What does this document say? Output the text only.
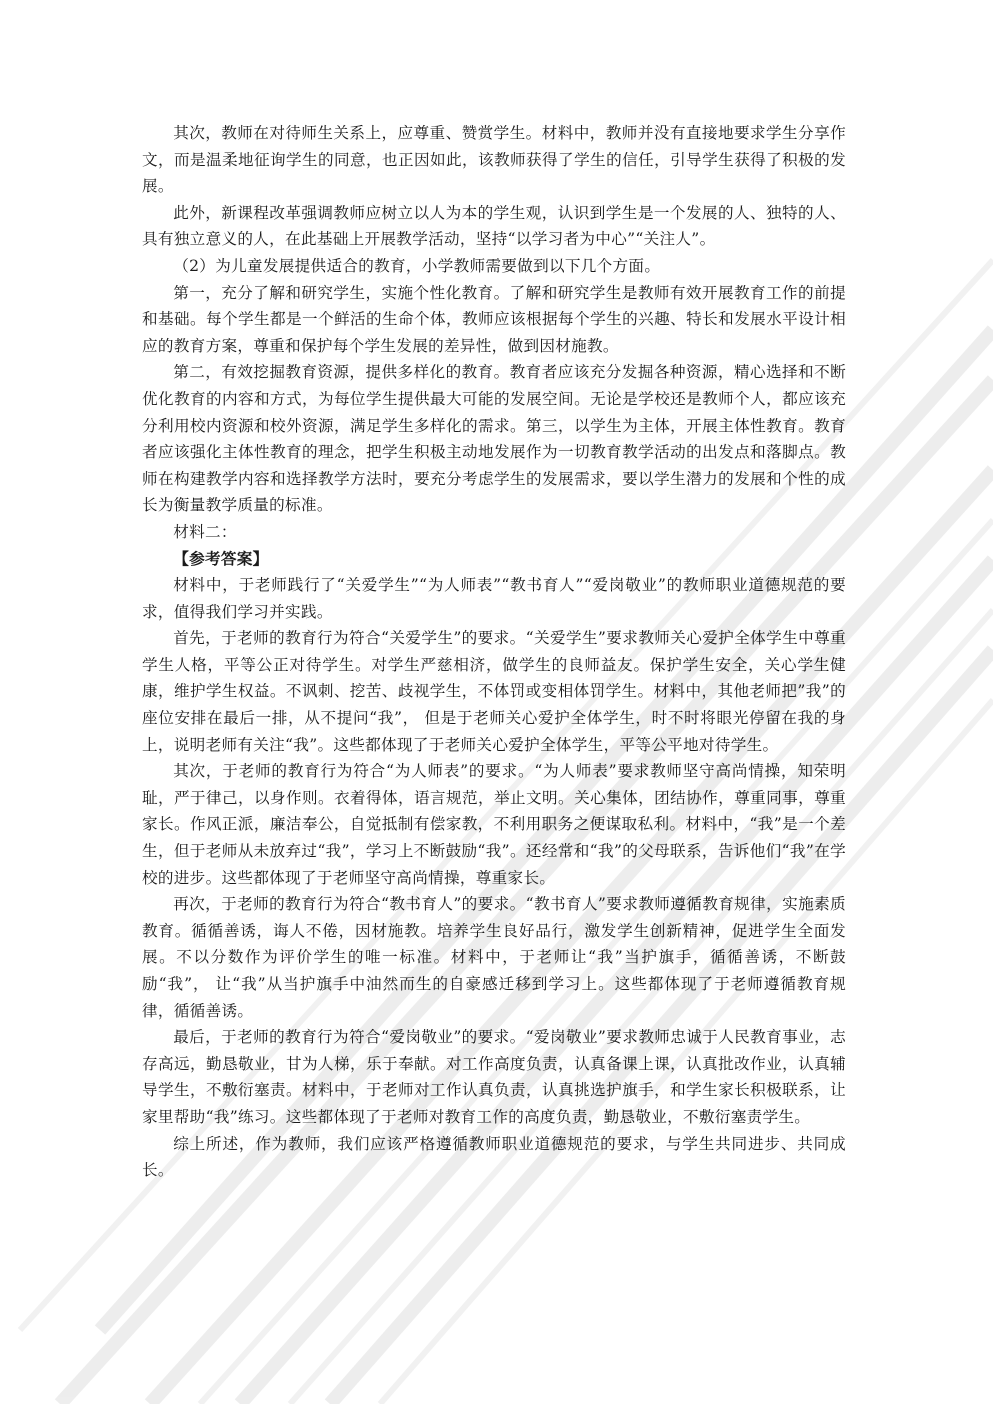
其次，教师在对待师生关系上，应尊重、赞赏学生。材料中，教师并没有直接地要求学生分享作文，而是温柔地征询学生的同意，也正因如此，该教师获得了学生的信任，引导学生获得了积极的发展。

此外，新课程改革强调教师应树立以人为本的学生观，认识到学生是一个发展的人、独特的人、具有独立意义的人，在此基础上开展教学活动，坚持“以学习者为中心”“关注人”。

（2）为儿童发展提供适合的教育，小学教师需要做到以下几个方面。

第一，充分了解和研究学生，实施个性化教育。了解和研究学生是教师有效开展教育工作的前提和基础。每个学生都是一个鲜活的生命个体，教师应该根据每个学生的兴趣、特长和发展水平设计相应的教育方案，尊重和保护每个学生发展的差异性，做到因材施教。

第二，有效挖掘教育资源，提供多样化的教育。教育者应该充分发掘各种资源，精心选择和不断优化教育的内容和方式，为每位学生提供最大可能的发展空间。无论是学校还是教师个人，都应该充分利用校内资源和校外资源，满足学生多样化的需求。第三，以学生为主体，开展主体性教育。教育者应该强化主体性教育的理念，把学生积极主动地发展作为一切教育教学活动的出发点和落脚点。教师在构建教学内容和选择教学方法时，要充分考虑学生的发展需求，要以学生潜力的发展和个性的成长为衡量教学质量的标准。

材料二：

【参考答案】

材料中，于老师践行了“关爱学生”“为人师表”“教书育人”“爱岗敬业”的教师职业道德规范的要求，值得我们学习并实践。

首先，于老师的教育行为符合“关爱学生”的要求。“关爱学生”要求教师关心爱护全体学生中尊重学生人格，平等公正对待学生。对学生严慈相济，做学生的良师益友。保护学生安全，关心学生健康，维护学生权益。不讽刺、挖苦、歧视学生，不体罚或变相体罚学生。材料中，其他老师把”我”的座位安排在最后一排，从不提问“我”， 但是于老师关心爱护全体学生，时不时将眼光停留在我的身上，说明老师有关注“我”。这些都体现了于老师关心爱护全体学生，平等公平地对待学生。

其次，于老师的教育行为符合“为人师表”的要求。“为人师表”要求教师坚守高尚情操，知荣明耻，严于律己，以身作则。衣着得体，语言规范，举止文明。关心集体，团结协作，尊重同事，尊重家长。作风正派，廉洁奉公，自觉抵制有偿家教，不利用职务之便谋取私利。材料中，“我”是一个差生，但于老师从未放弃过“我”，学习上不断鼓励“我”。还经常和“我”的父母联系，告诉他们“我”在学校的进步。这些都体现了于老师坚守高尚情操，尊重家长。

再次，于老师的教育行为符合“教书育人”的要求。“教书育人”要求教师遵循教育规律，实施素质教育。循循善诱，诲人不倦，因材施教。培养学生良好品行，激发学生创新精神，促进学生全面发展。不以分数作为评价学生的唯一标准。材料中，于老师让“我”当护旗手，循循善诱，不断鼓励“我”， 让“我”从当护旗手中油然而生的自豪感迁移到学习上。这些都体现了于老师遵循教育规律，循循善诱。

最后，于老师的教育行为符合“爱岗敬业”的要求。“爱岗敬业”要求教师忠诚于人民教育事业，志存高远，勤恳敬业，甘为人梯，乐于奉献。对工作高度负责，认真备课上课，认真批改作业，认真辅导学生，不敷衍塞责。材料中，于老师对工作认真负责，认真挑选护旗手，和学生家长积极联系，让家里帮助“我”练习。这些都体现了于老师对教育工作的高度负责，勤恳敬业，不敷衍塞责学生。

综上所述，作为教师，我们应该严格遵循教师职业道德规范的要求，与学生共同进步、共同成长。
